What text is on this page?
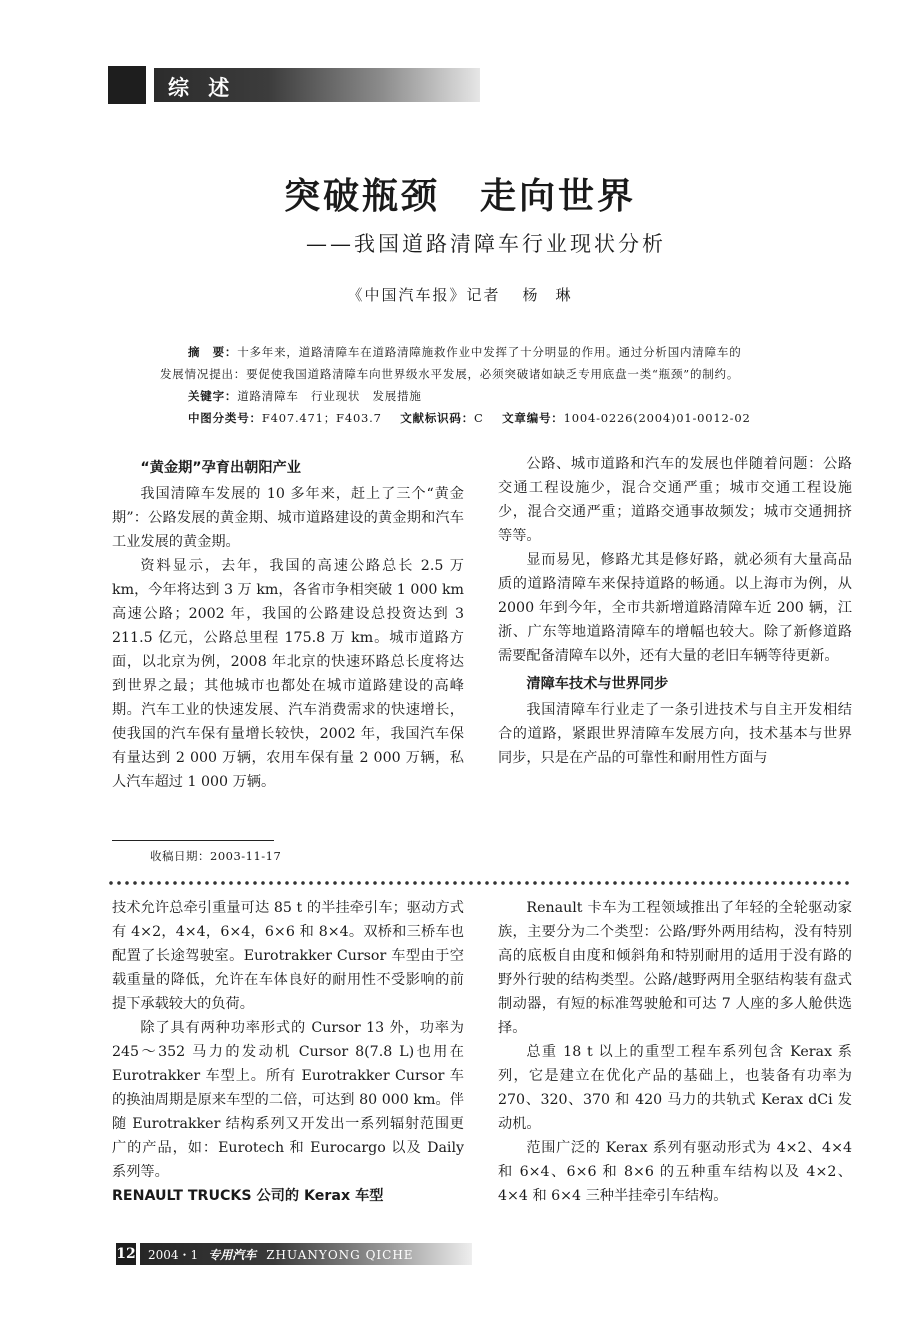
综 述
突破瓶颈 走向世界
——我国道路清障车行业现状分析
《中国汽车报》记者 杨 琳
摘　要：十多年来，道路清障车在道路清障施救作业中发挥了十分明显的作用。通过分析国内清障车的
发展情况提出：要促使我国道路清障车向世界级水平发展，必须突破诸如缺乏专用底盘一类“瓶颈”的制约。
关键字：道路清障车　行业现状　发展措施
中图分类号：F407.471；F403.7 文献标识码：C 文章编号：1004-0226(2004)01-0012-02
“黄金期”孕育出朝阳产业

我国清障车发展的 10 多年来，赶上了三个“黄金期”：公路发展的黄金期、城市道路建设的黄金期和汽车工业发展的黄金期。

资料显示，去年，我国的高速公路总长 2.5 万 km，今年将达到 3 万 km，各省市争相突破 1 000 km 高速公路；2002 年，我国的公路建设总投资达到 3 211.5 亿元，公路总里程 175.8 万 km。城市道路方面，以北京为例，2008 年北京的快速环路总长度将达到世界之最；其他城市也都处在城市道路建设的高峰期。汽车工业的快速发展、汽车消费需求的快速增长，使我国的汽车保有量增长较快，2002 年，我国汽车保有量达到 2 000 万辆，农用车保有量 2 000 万辆，私人汽车超过 1 000 万辆。

公路、城市道路和汽车的发展也伴随着问题：公路交通工程设施少，混合交通严重；城市交通工程设施少，混合交通严重；道路交通事故频发；城市交通拥挤等等。

显而易见，修路尤其是修好路，就必须有大量高品质的道路清障车来保持道路的畅通。以上海市为例，从 2000 年到今年，全市共新增道路清障车近 200 辆，江浙、广东等地道路清障车的增幅也较大。除了新修道路需要配备清障车以外，还有大量的老旧车辆等待更新。

清障车技术与世界同步

我国清障车行业走了一条引进技术与自主开发相结合的道路，紧跟世界清障车发展方向，技术基本与世界同步，只是在产品的可靠性和耐用性方面与

收稿日期：2003-11-17

技术允许总牵引重量可达 85 t 的半挂牵引车；驱动方式有 4×2，4×4，6×4，6×6 和 8×4。双桥和三桥车也配置了长途驾驶室。Eurotrakker Cursor 车型由于空载重量的降低，允许在车体良好的耐用性不受影响的前提下承载较大的负荷。

除了具有两种功率形式的 Cursor 13 外，功率为 245～352 马力的发动机 Cursor 8(7.8 L)也用在 Eurotrakker 车型上。所有 Eurotrakker Cursor 车的换油周期是原来车型的二倍，可达到 80 000 km。伴随 Eurotrakker 结构系列又开发出一系列辐射范围更广的产品，如：Eurotech 和 Eurocargo 以及 Daily 系列等。

RENAULT TRUCKS 公司的 Kerax 车型

Renault 卡车为工程领域推出了年轻的全轮驱动家族，主要分为二个类型：公路/野外两用结构，没有特别高的底板自由度和倾斜角和特别耐用的适用于没有路的野外行驶的结构类型。公路/越野两用全驱结构装有盘式制动器，有短的标准驾驶舱和可达 7 人座的多人舱供选择。

总重 18 t 以上的重型工程车系列包含 Kerax 系列，它是建立在优化产品的基础上，也装备有功率为 270、320、370 和 420 马力的共轨式 Kerax dCi 发动机。

范围广泛的 Kerax 系列有驱动形式为 4×2、4×4 和 6×4、6×6 和 8×6 的五种重车结构以及 4×2、4×4 和 6×4 三种半挂牵引车结构。

12 2004・1 专用汽车 ZHUANYONG QICHE
